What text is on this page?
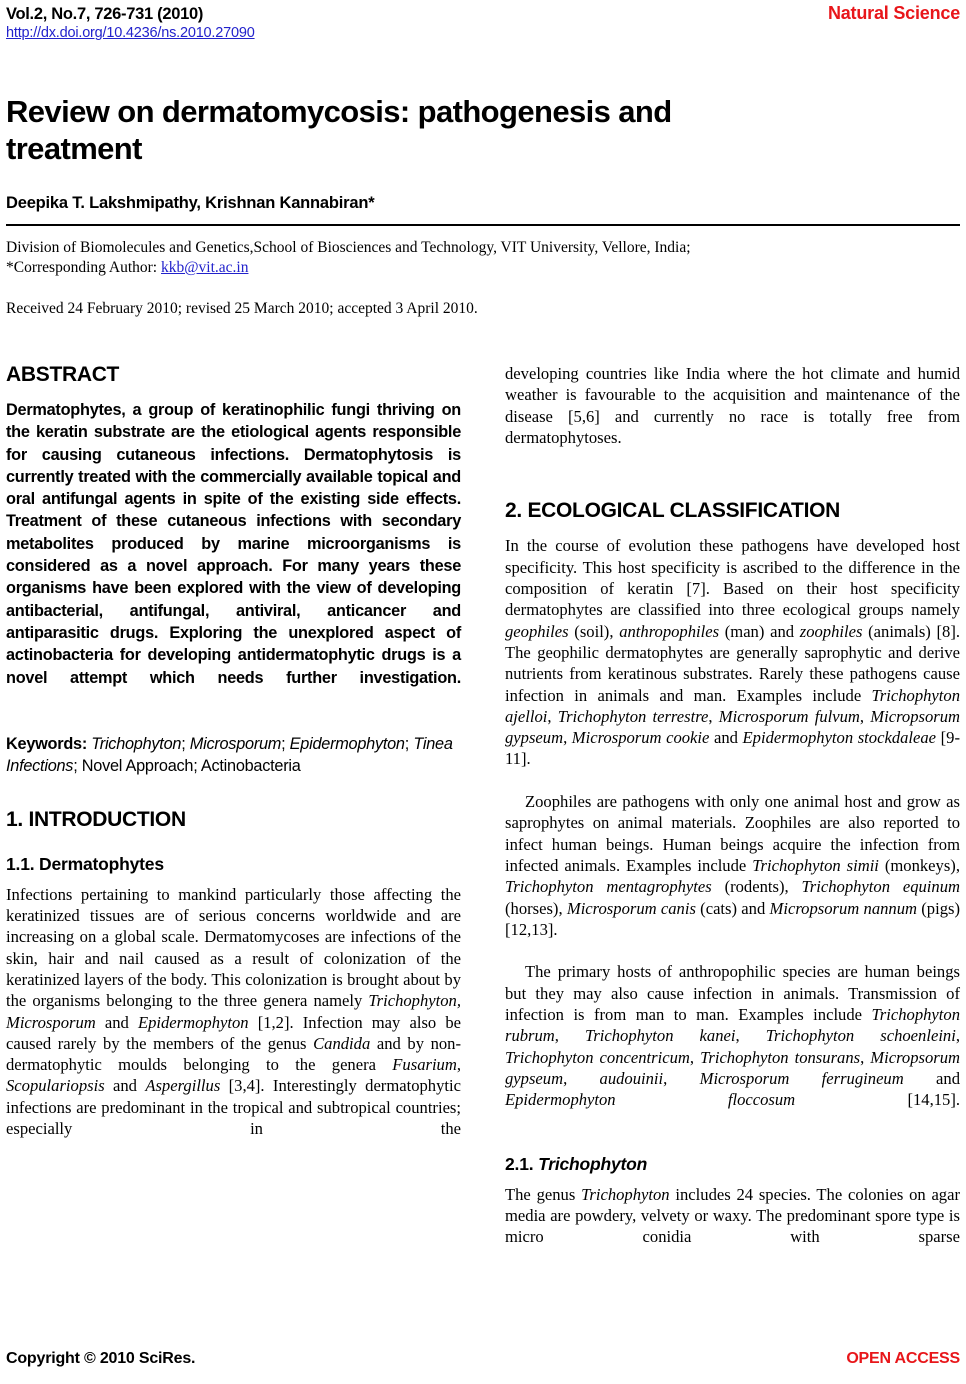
Vol.2, No.7, 726-731 (2010)	Natural Science
http://dx.doi.org/10.4236/ns.2010.27090
Review on dermatomycosis: pathogenesis and treatment
Deepika T. Lakshmipathy, Krishnan Kannabiran*
Division of Biomolecules and Genetics,School of Biosciences and Technology, VIT University, Vellore, India;
*Corresponding Author: kkb@vit.ac.in
Received 24 February 2010; revised 25 March 2010; accepted 3 April 2010.
ABSTRACT

Dermatophytes, a group of keratinophilic fungi thriving on the keratin substrate are the etiological agents responsible for causing cutaneous infections. Dermatophytosis is currently treated with the commercially available topical and oral antifungal agents in spite of the existing side effects. Treatment of these cutaneous infections with secondary metabolites produced by marine microorganisms is considered as a novel approach. For many years these organisms have been explored with the view of developing antibacterial, antifungal, antiviral, anticancer and antiparasitic drugs. Exploring the unexplored aspect of actinobacteria for developing antidermatophytic drugs is a novel attempt which needs further investigation.

Keywords: Trichophyton; Microsporum; Epidermophyton; Tinea Infections; Novel Approach; Actinobacteria

1. INTRODUCTION
1.1. Dermatophytes

Infections pertaining to mankind particularly those affecting the keratinized tissues are of serious concerns worldwide and are increasing on a global scale. Dermatomycoses are infections of the skin, hair and nail caused as a result of colonization of the keratinized layers of the body. This colonization is brought about by the organisms belonging to the three genera namely Trichophyton, Microsporum and Epidermophyton [1,2]. Infection may also be caused rarely by the members of the genus Candida and by non-dermatophytic moulds belonging to the genera Fusarium, Scopulariopsis and Aspergillus [3,4]. Interestingly dermatophytic infections are predominant in the tropical and subtropical countries; especially in the

developing countries like India where the hot climate and humid weather is favourable to the acquisition and maintenance of the disease [5,6] and currently no race is totally free from dermatophytoses.

2. ECOLOGICAL CLASSIFICATION

In the course of evolution these pathogens have developed host specificity. This host specificity is ascribed to the difference in the composition of keratin [7]. Based on their host specificity dermatophytes are classified into three ecological groups namely geophiles (soil), anthropophiles (man) and zoophiles (animals) [8]. The geophilic dermatophytes are generally saprophytic and derive nutrients from keratinous substrates. Rarely these pathogens cause infection in animals and man. Examples include Trichophyton ajelloi, Trichophyton terrestre, Microsporum fulvum, Micropsorum gypseum, Microsporum cookie and Epidermophyton stockdaleae [9-11].

Zoophiles are pathogens with only one animal host and grow as saprophytes on animal materials. Zoophiles are also reported to infect human beings. Human beings acquire the infection from infected animals. Examples include Trichophyton simii (monkeys), Trichophyton mentagrophytes (rodents), Trichophyton equinum (horses), Microsporum canis (cats) and Micropsorum nannum (pigs) [12,13].

The primary hosts of anthropophilic species are human beings but they may also cause infection in animals. Transmission of infection is from man to man. Examples include Trichophyton rubrum, Trichophyton kanei, Trichophyton schoenleini, Trichophyton concentricum, Trichophyton tonsurans, Micropsorum gypseum, audouinii, Microsporum ferrugineum and Epidermophyton floccosum [14,15].

2.1. Trichophyton

The genus Trichophyton includes 24 species. The colonies on agar media are powdery, velvety or waxy. The predominant spore type is micro conidia with sparse

Copyright © 2010 SciRes.	OPEN ACCESS
